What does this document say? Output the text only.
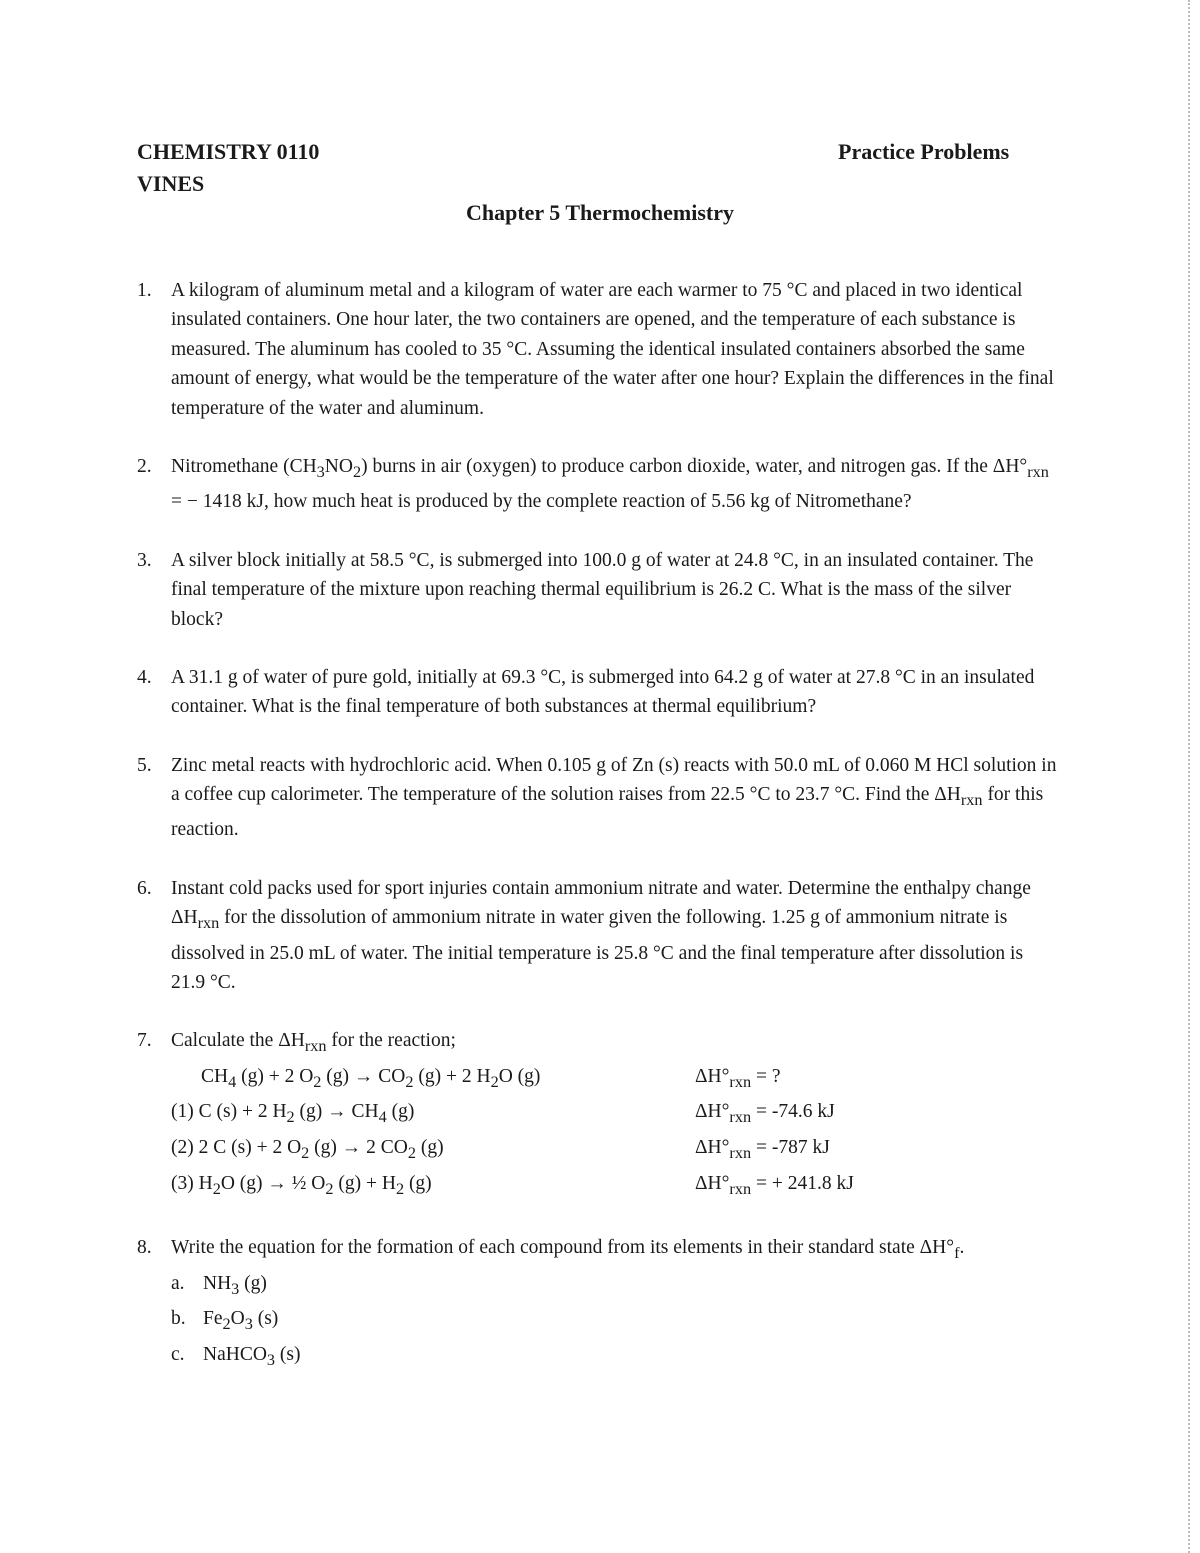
CHEMISTRY 0110
VINES
Practice Problems
Chapter 5 Thermochemistry
1. A kilogram of aluminum metal and a kilogram of water are each warmer to 75 °C and placed in two identical insulated containers. One hour later, the two containers are opened, and the temperature of each substance is measured. The aluminum has cooled to 35 °C. Assuming the identical insulated containers absorbed the same amount of energy, what would be the temperature of the water after one hour? Explain the differences in the final temperature of the water and aluminum.
2. Nitromethane $(CH_3NO_2)$ burns in air (oxygen) to produce carbon dioxide, water, and nitrogen gas. If the $\Delta H^\circ_{rxn}$ = − 1418 kJ, how much heat is produced by the complete reaction of 5.56 kg of Nitromethane?
3. A silver block initially at 58.5 °C, is submerged into 100.0 g of water at 24.8 °C, in an insulated container. The final temperature of the mixture upon reaching thermal equilibrium is 26.2 C. What is the mass of the silver block?
4. A 31.1 g of water of pure gold, initially at 69.3 °C, is submerged into 64.2 g of water at 27.8 °C in an insulated container. What is the final temperature of both substances at thermal equilibrium?
5. Zinc metal reacts with hydrochloric acid. When 0.105 g of Zn (s) reacts with 50.0 mL of 0.060 M HCl solution in a coffee cup calorimeter. The temperature of the solution raises from 22.5 °C to 23.7 °C. Find the $\Delta H_{rxn}$ for this reaction.
6. Instant cold packs used for sport injuries contain ammonium nitrate and water. Determine the enthalpy change $\Delta H_{rxn}$ for the dissolution of ammonium nitrate in water given the following. 1.25 g of ammonium nitrate is dissolved in 25.0 mL of water. The initial temperature is 25.8 °C and the final temperature after dissolution is 21.9 °C.
7. Calculate the $\Delta H_{rxn}$ for the reaction;
$CH_4$ (g) + 2 $O_2$ $(g) \to CO_2$ (g) + 2 $H_2O$ (g)	$\Delta H^\circ_{rxn}$ = ?
(1) C (s) + 2 $H_2$ $(g) \to CH_4$ (g)	$\Delta H^\circ_{rxn} = -74.6$ kJ
(2) 2 C (s) + 2 $O_2$ (g) → 2 $CO_2$ (g)	$\Delta H^\circ_{rxn} = -787$ kJ
(3) $H_2O$ (g) → ½ $O_2$ $(g) + H_2$ (g)	$\Delta H^\circ_{rxn}$ = + 241.8 kJ
8. Write the equation for the formation of each compound from its elements in their standard state $\Delta H^\circ_f$.
a. $NH_3$ (g)
b. $Fe_2O_3$ (s)
c. NaHCO$_3$ (s)
